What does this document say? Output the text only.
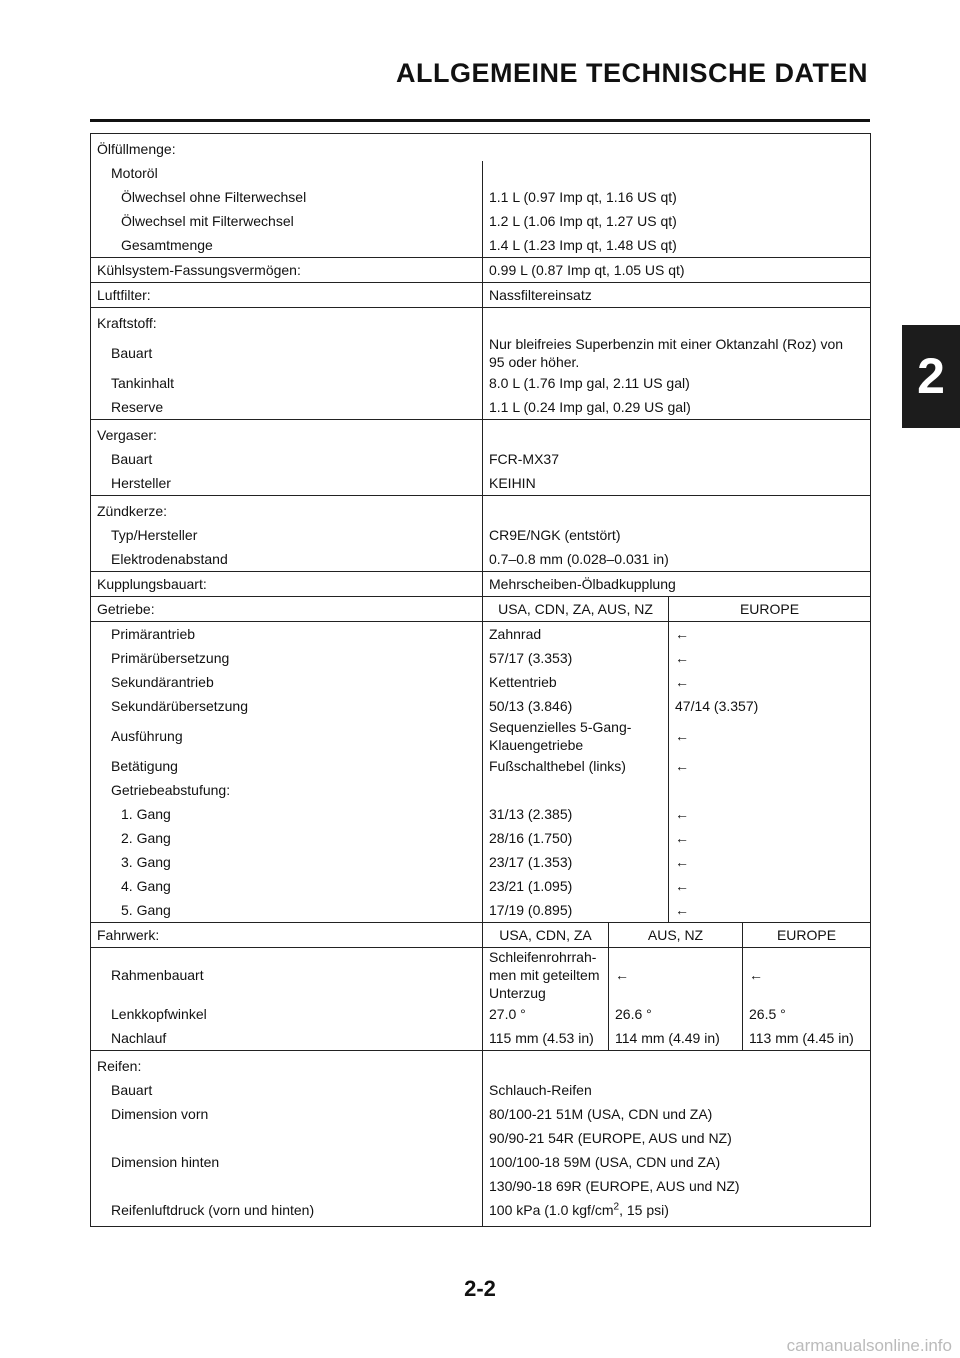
ALLGEMEINE TECHNISCHE DATEN
2
Ölfüllmenge:				
Motoröl				
Ölwechsel ohne Filterwechsel	1.1 L (0.97 Imp qt, 1.16 US qt)			
Ölwechsel mit Filterwechsel	1.2 L (1.06 Imp qt, 1.27 US qt)			
Gesamtmenge	1.4 L (1.23 Imp qt, 1.48 US qt)			
Kühlsystem-Fassungsvermögen:	0.99 L (0.87 Imp qt, 1.05 US qt)			
Luftfilter:	Nassfiltereinsatz			
Kraftstoff:				
Bauart	Nur bleifreies Superbenzin mit einer Oktanzahl (Roz) von
95 oder höher.			

Tankinhalt	8.0 L (1.76 Imp gal, 2.11 US gal)			
Reserve	1.1 L (0.24 Imp gal, 0.29 US gal)			
Vergaser:				
Bauart	FCR-MX37			
Hersteller	KEIHIN			
Zündkerze:				
Typ/Hersteller	CR9E/NGK (entstört)			
Elektrodenabstand	0.7–0.8 mm (0.028–0.031 in)			
Kupplungsbauart:	Mehrscheiben-Ölbadkupplung			
Getriebe:	USA, CDN, ZA, AUS, NZ		EUROPE	
Primärantrieb	Zahnrad		←	
Primärübersetzung	57/17 (3.353)		←	
Sekundärantrieb	Kettentrieb		←	
Sekundärübersetzung	50/13 (3.846)		47/14 (3.357)	
Ausführung	Sequenzielles 5-Gang-
Klauengetriebe		←	
Betätigung	Fußschalthebel (links)		←	
Getriebeabstufung:				
1. Gang	31/13 (2.385)		←	
2. Gang	28/16 (1.750)		←	
3. Gang	23/17 (1.353)		←	
4. Gang	23/21 (1.095)		←	
5. Gang	17/19 (0.895)		←	
Fahrwerk:	USA, CDN, ZA	AUS, NZ		EUROPE
Rahmenbauart	Schleifenrohrrah-
men mit geteiltem
Unterzug	←		←
Lenkkopfwinkel	27.0 °	26.6 °		26.5 °
Nachlauf	115 mm (4.53 in)	114 mm (4.49 in)		113 mm (4.45 in)
Reifen:				
Bauart	Schlauch-Reifen			
Dimension vorn	80/100-21 51M (USA, CDN und ZA)			
	90/90-21 54R (EUROPE, AUS und NZ)			
Dimension hinten	100/100-18 59M (USA, CDN und ZA)			
	130/90-18 69R (EUROPE, AUS und NZ)			
Reifenluftdruck (vorn und hinten)	100 kPa (1.0 kgf/$cm^2$, 15 psi)			
2-2
carmanualsonline.info
